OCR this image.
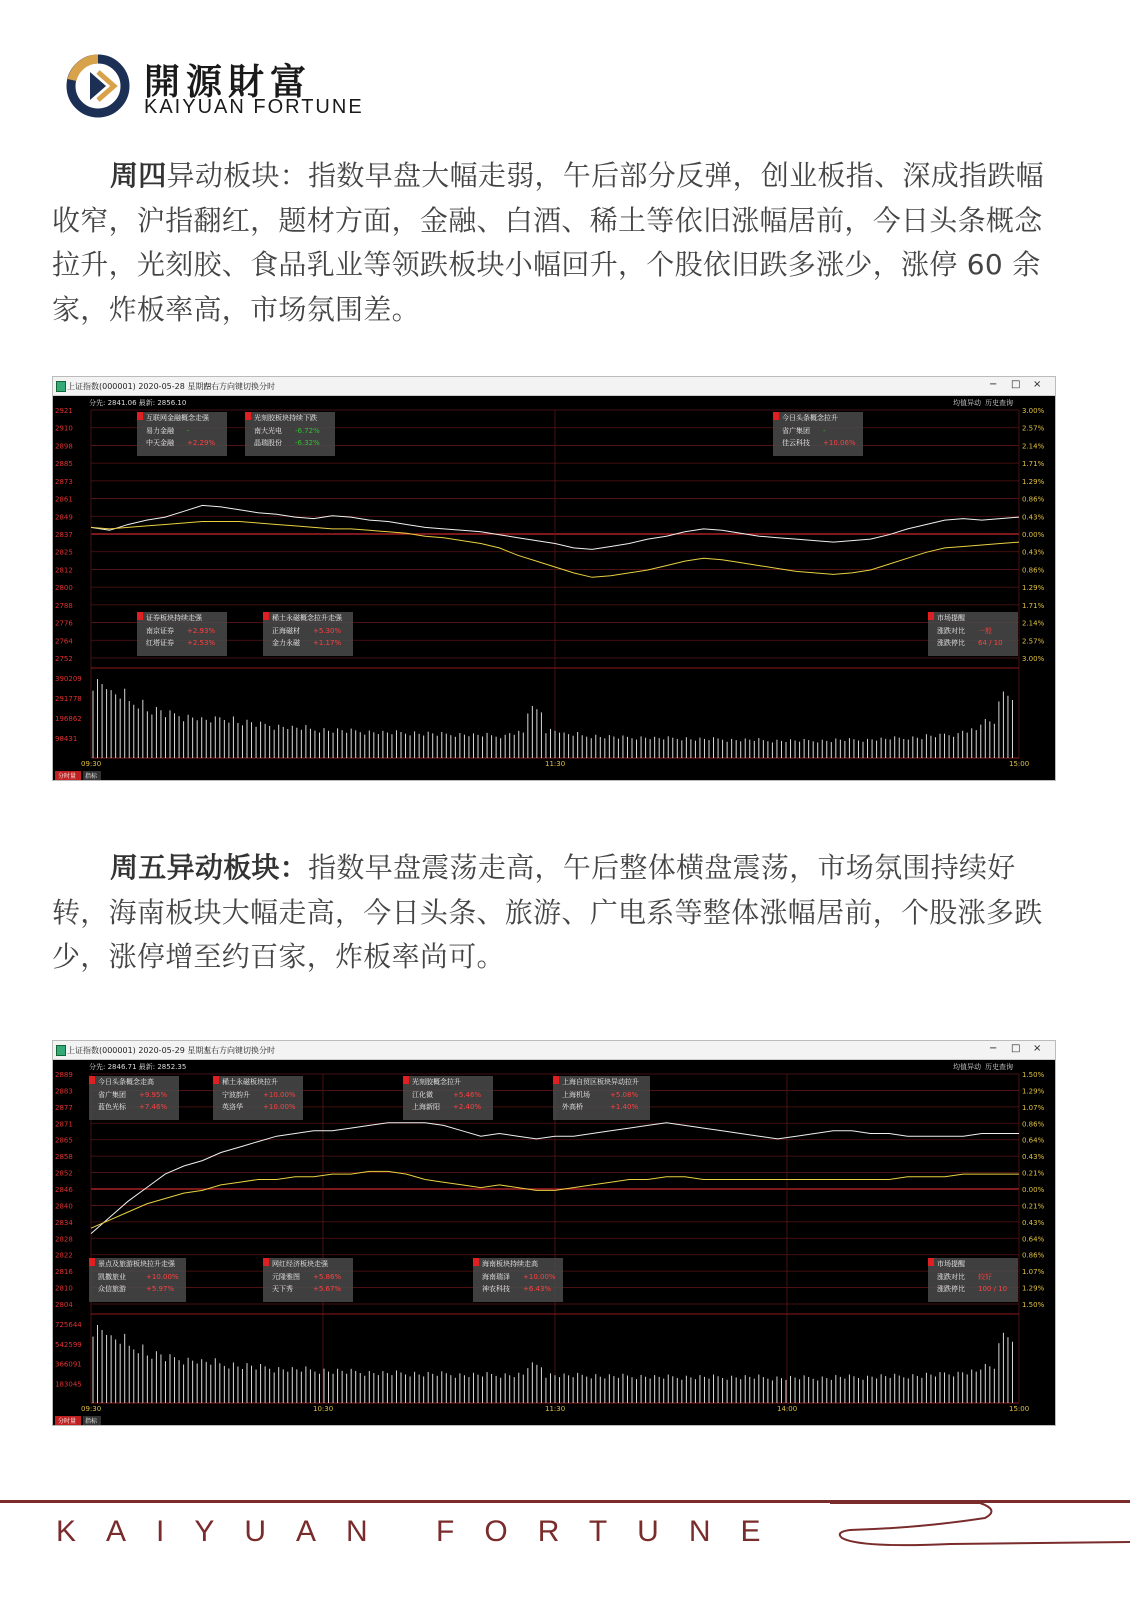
開源財富
KAIYUAN FORTUNE
周四异动板块：指数早盘大幅走弱，午后部分反弹，创业板指、深成指跌幅收窄，沪指翻红，题材方面，金融、白酒、稀土等依旧涨幅居前，今日头条概念拉升，光刻胶、食品乳业等领跌板块小幅回升，个股依旧跌多涨少，涨停 60 余家，炸板率高，市场氛围差。
上证指数(000001) 2020-05-28 星期四
左右方向键切换分时	− □ ×
分先: 2841.06 最新: 2856.10	均值异动 历史查询
2921	3.00%
2910	2.57%
2898	2.14%
2885	1.71%
2873	1.29%
2861	0.86%
2849	0.43%
2837	0.00%
2825	0.43%
2812	0.86%
2800	1.29%
2788	1.71%
2776	2.14%
2764	2.57%
2752	3.00%
09:30	11:30	15:00
390209
291778
196862
98431
互联网金融概念走强
易力金融 -
中天金融 +2.29%
光刻胶板块持续下跌
南大光电 -6.72%
晶瑞股份 -6.32%
今日头条概念拉升
省广集团 -
佳云科技 +10.06%
证券板块持续走强
南京证券 +2.93%
红塔证券 +2.53%
稀土永磁概念拉升走强
正海磁材 +5.30%
金力永磁 +1.17%
市场提醒
涨跌对比 一般
涨跌停比 64 / 10
分时量 指标
周五异动板块：指数早盘震荡走高，午后整体横盘震荡，市场氛围持续好转，海南板块大幅走高，今日头条、旅游、广电系等整体涨幅居前，个股涨多跌少，涨停增至约百家，炸板率尚可。
上证指数(000001) 2020-05-29 星期五
左右方向键切换分时	− □ ×
分先: 2846.71 最新: 2852.35	均值异动 历史查询
2889	1.50%
2883	1.29%
2877	1.07%
2871	0.86%
2865	0.64%
2858	0.43%
2852	0.21%
2846	0.00%
2840	0.21%
2834	0.43%
2828	0.64%
2822	0.86%
2816	1.07%
2810	1.29%
2804	1.50%
09:30	10:30	11:30	14:00	15:00
725644
542599
366091
183045
今日头条概念走高
省广集团 +9.95%
蓝色光标 +7.46%
稀土永磁板块拉升
宁波韵升 +10.00%
英洛华	+10.00%
光刻胶概念拉升
江化微	+5.46%
上海新阳 +2.40%
上海自贸区板块异动拉升
上海机场	+5.08%
外高桥	+1.40%
景点及旅游板块拉升走强
凯撒旅业	+10.00%
众信旅游	+5.97%
网红经济板块走强
元隆雅图 +5.86%
天下秀	+5.67%
海南板块持续走高
海南瑞泽 +10.00%
神农科技 +6.43%
市场提醒
涨跌对比 较好
涨跌停比 100 / 10
分时量 指标
KAIYUAN FORTUNE
